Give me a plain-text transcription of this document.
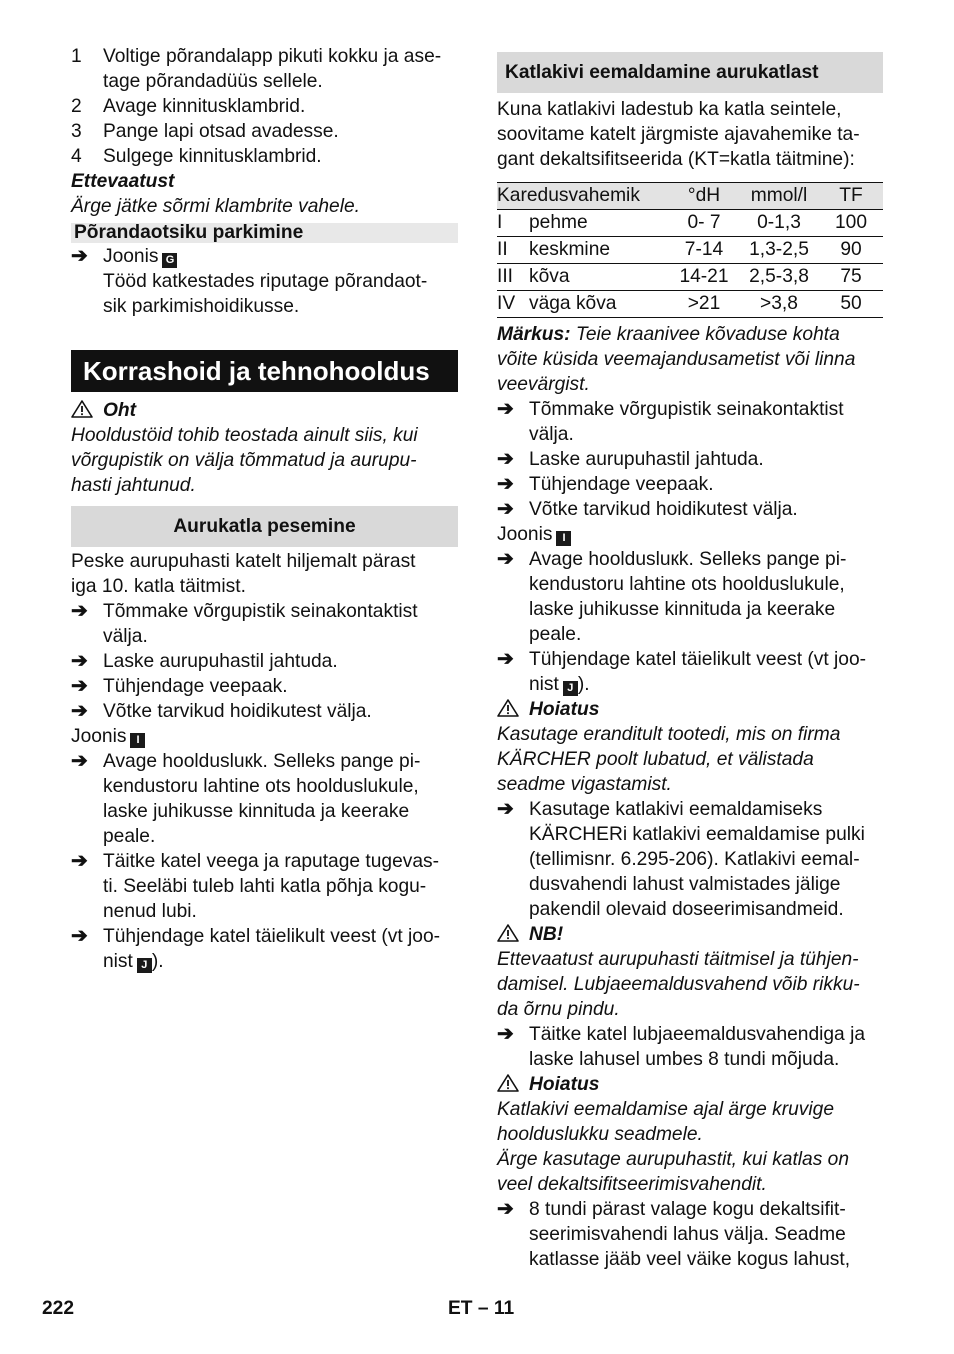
1	Voltige põrandalapp pikuti kokku ja ase-
tage põrandadüüs sellele.
2	Avage kinnitusklambrid.
3	Pange lapi otsad avadesse.
4	Sulgege kinnitusklambrid.
Ettevaatust
Ärge jätke sõrmi klambrite vahele.
Põrandaotsiku parkimine
➔ Joonis G
Tööd katkestades riputage põrandaot-
sik parkimishoidikusse.
Korrashoid ja tehnohooldus
Oht
Hooldustöid tohib teostada ainult siis, kui
võrgupistik on välja tõmmatud ja aurupu-
hasti jahtunud.
Aurukatla pesemine
Peske aurupuhasti katelt hiljemalt pärast
iga 10. katla täitmist.
➔ Tõmmake võrgupistik seinakontaktist
välja.
➔ Laske aurupuhastil jahtuda.
➔ Tühjendage veepaak.
➔ Võtke tarvikud hoidikutest välja.
Joonis I
➔ Avage hooldusluкk. Selleks pange pi-
kendustoru lahtine ots hoolduslukule,
laske juhikusse kinnituda ja keerake
peale.
➔ Täitke katel veega ja raputage tugevas-
ti. Seeläbi tuleb lahti katla põhja kogu-
nenud lubi.
➔ Tühjendage katel täielikult veest (vt joo-
nist J ).
Katlakivi eemaldamine aurukatlast
Kuna katlakivi ladestub ka katla seintele,
soovitame katelt järgmiste ajavahemike ta-
gant dekaltsifitseerida (KT=katla täitmine):
Karedusvahemik		°dH	mmol/l	TF
I	pehme	0- 7	0-1,3	100
II	keskmine	7-14	1,3-2,5	90
III	kõva	14-21	2,5-3,8	75
IV	väga kõva	>21	>3,8	50
Märkus: Teie kraanivee kõvaduse kohta
võite küsida veemajandusametist või linna
veevärgist.
➔ Tõmmake võrgupistik seinakontaktist
välja.
➔ Laske aurupuhastil jahtuda.
➔ Tühjendage veepaak.
➔ Võtke tarvikud hoidikutest välja.
Joonis I
➔ Avage hooldusluкk. Selleks pange pi-
kendustoru lahtine ots hoolduslukule,
laske juhikusse kinnituda ja keerake
peale.
➔ Tühjendage katel täielikult veest (vt joo-
nist J ).
Hoiatus
Kasutage eranditult tootedi, mis on firma
KÄRCHER poolt lubatud, et välistada
seadme vigastamist.
➔ Kasutage katlakivi eemaldamiseks
KÄRCHERi katlakivi eemaldamise pulki
(tellimisnr. 6.295-206). Katlakivi eemal-
dusvahendi lahust valmistades jälige
pakendil olevaid doseerimisandmeid.
NB!
Ettevaatust aurupuhasti täitmisel ja tühjen-
damisel. Lubjaeemaldusvahend võib rikku-
da õrnu pindu.
➔ Täitke katel lubjaeemaldusvahendiga ja
laske lahusel umbes 8 tundi mõjuda.
Hoiatus
Katlakivi eemaldamise ajal ärge kruvige
hoolduslukku seadmele.
Ärge kasutage aurupuhastit, kui katlas on
veel dekaltsifitseerimisvahendit.
➔ 8 tundi pärast valage kogu dekaltsifit-
seerimisvahendi lahus välja. Seadme
katlasse jääb veel väike kogus lahust,
222	ET – 11
